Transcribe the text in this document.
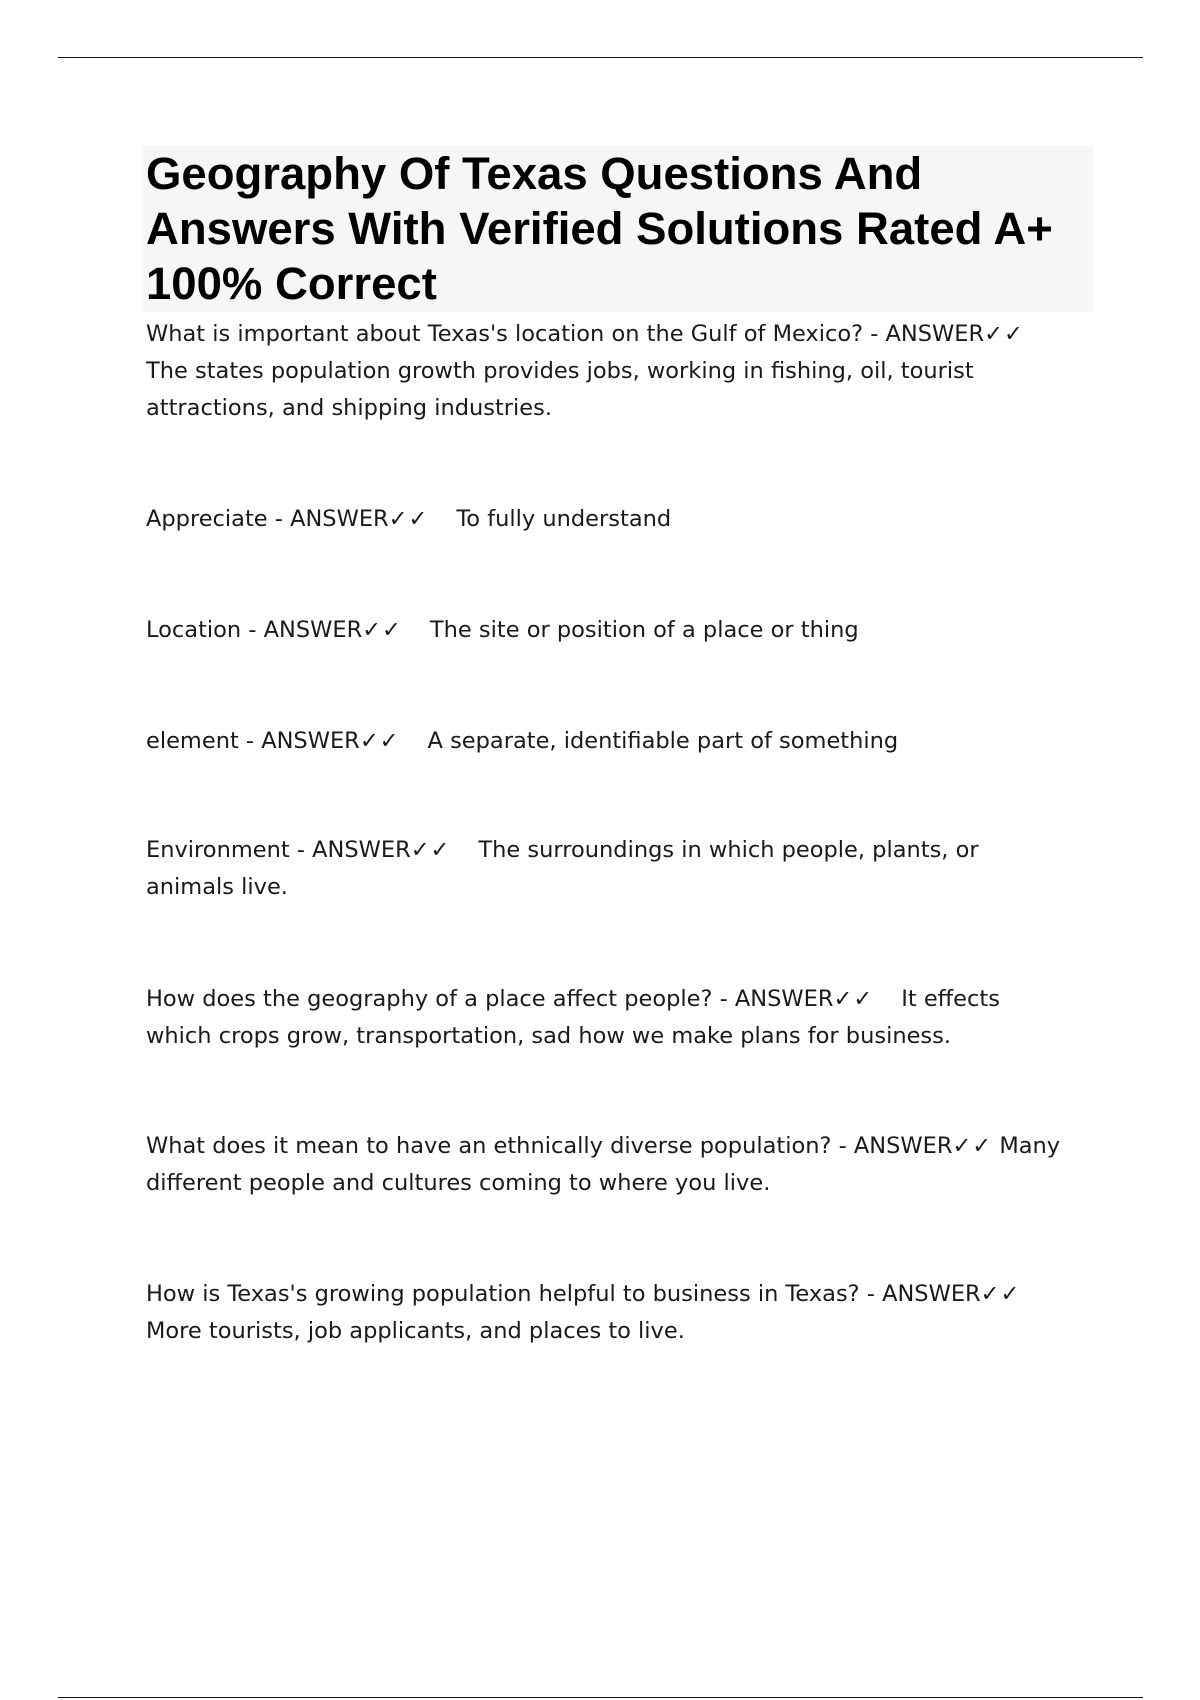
Geography Of Texas Questions And Answers With Verified Solutions Rated A+ 100% Correct

What is important about Texas's location on the Gulf of Mexico? - ANSWER✓✓ The states population growth provides jobs, working in fishing, oil, tourist attractions, and shipping industries.

Appreciate - ANSWER✓✓ To fully understand

Location - ANSWER✓✓ The site or position of a place or thing

element - ANSWER✓✓ A separate, identifiable part of something

Environment - ANSWER✓✓ The surroundings in which people, plants, or animals live.

How does the geography of a place affect people? - ANSWER✓✓ It effects which crops grow, transportation, sad how we make plans for business.

What does it mean to have an ethnically diverse population? - ANSWER✓✓ Many different people and cultures coming to where you live.

How is Texas's growing population helpful to business in Texas? - ANSWER✓✓ More tourists, job applicants, and places to live.
